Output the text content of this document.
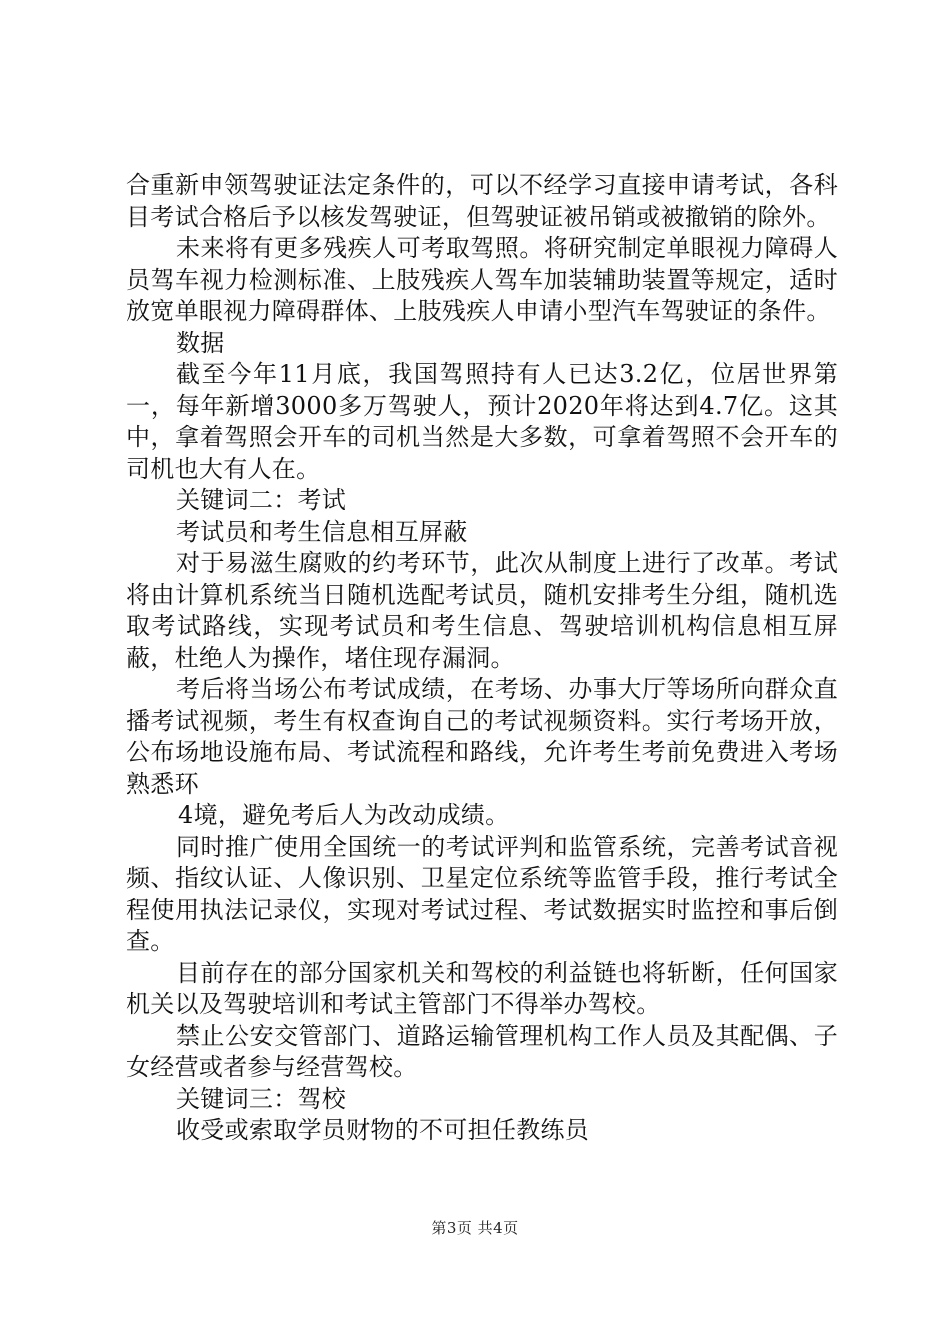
合重新申领驾驶证法定条件的，可以不经学习直接申请考试，各科目考试合格后予以核发驾驶证，但驾驶证被吊销或被撤销的除外。

未来将有更多残疾人可考取驾照。将研究制定单眼视力障碍人员驾车视力检测标准、上肢残疾人驾车加装辅助装置等规定，适时放宽单眼视力障碍群体、上肢残疾人申请小型汽车驾驶证的条件。

数据

截至今年11月底，我国驾照持有人已达3.2亿，位居世界第一，每年新增3000多万驾驶人，预计2020年将达到4.7亿。这其中，拿着驾照会开车的司机当然是大多数，可拿着驾照不会开车的司机也大有人在。

关键词二：考试

考试员和考生信息相互屏蔽

对于易滋生腐败的约考环节，此次从制度上进行了改革。考试将由计算机系统当日随机选配考试员，随机安排考生分组，随机选取考试路线，实现考试员和考生信息、驾驶培训机构信息相互屏蔽，杜绝人为操作，堵住现存漏洞。

考后将当场公布考试成绩，在考场、办事大厅等场所向群众直播考试视频，考生有权查询自己的考试视频资料。实行考场开放，公布场地设施布局、考试流程和路线，允许考生考前免费进入考场熟悉环

4境，避免考后人为改动成绩。

同时推广使用全国统一的考试评判和监管系统，完善考试音视频、指纹认证、人像识别、卫星定位系统等监管手段，推行考试全程使用执法记录仪，实现对考试过程、考试数据实时监控和事后倒查。

目前存在的部分国家机关和驾校的利益链也将斩断，任何国家机关以及驾驶培训和考试主管部门不得举办驾校。

禁止公安交管部门、道路运输管理机构工作人员及其配偶、子女经营或者参与经营驾校。

关键词三：驾校

收受或索取学员财物的不可担任教练员

第3页 共4页
